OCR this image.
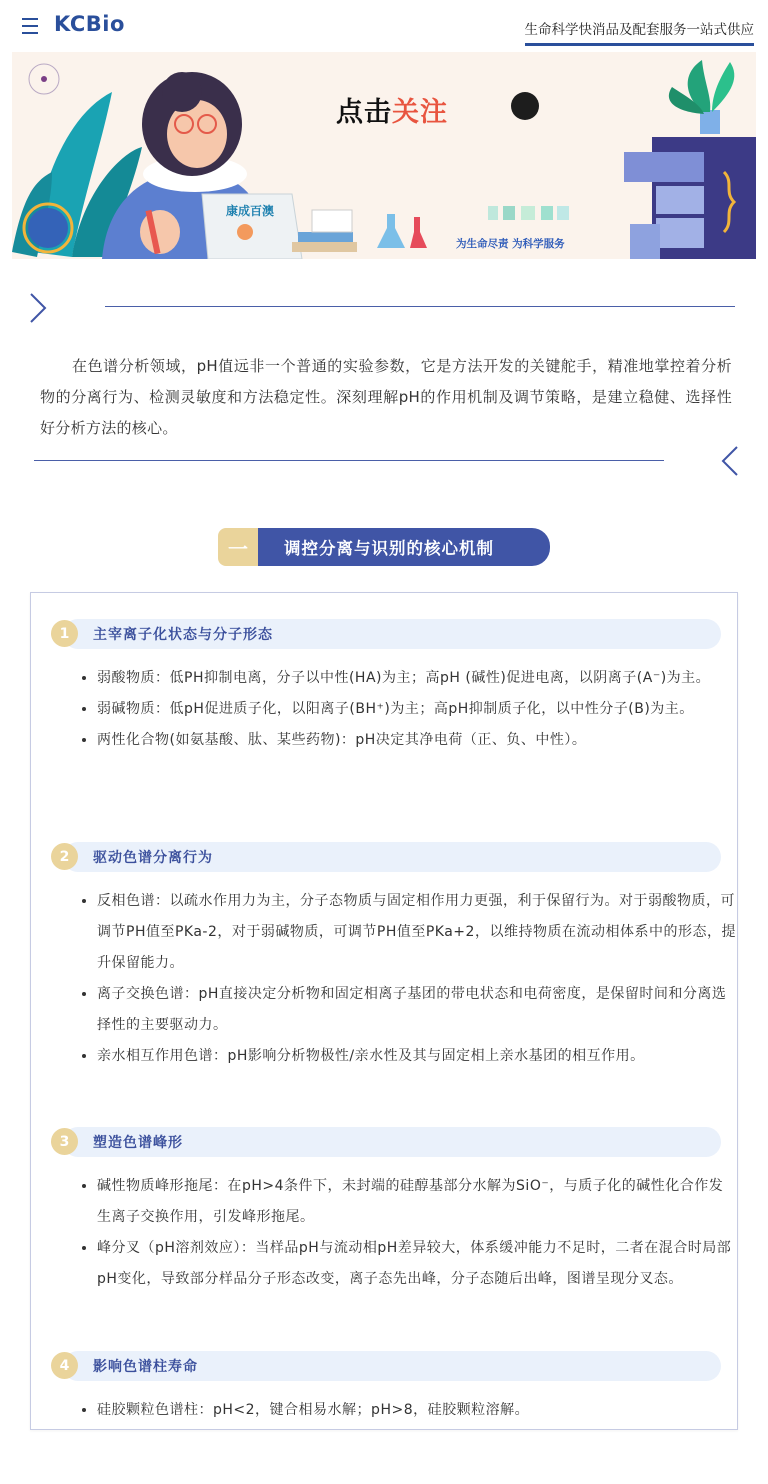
KCBio	生命科学快消品及配套服务一站式供应
点击关注
康成百澳
为生命尽责 为科学服务

在色谱分析领域，pH值远非一个普通的实验参数，它是方法开发的关键舵手，精准地掌控着分析物的分离行为、检测灵敏度和方法稳定性。深刻理解pH的作用机制及调节策略，是建立稳健、选择性好分析方法的核心。

一	调控分离与识别的核心机制
1	主宰离子化状态与分子形态
• 弱酸物质：低PH抑制电离，分子以中性(HA)为主；高pH (碱性)促进电离，以阴离子(A⁻)为主。
• 弱碱物质：低pH促进质子化，以阳离子(BH⁺)为主；高pH抑制质子化，以中性分子(B)为主。
• 两性化合物(如氨基酸、肽、某些药物)：pH决定其净电荷（正、负、中性）。
2	驱动色谱分离行为
• 反相色谱：以疏水作用力为主，分子态物质与固定相作用力更强，利于保留行为。对于弱酸物质，可调节PH值至PKa-2，对于弱碱物质，可调节PH值至PKa+2，以维持物质在流动相体系中的形态，提升保留能力。
• 离子交换色谱：pH直接决定分析物和固定相离子基团的带电状态和电荷密度，是保留时间和分离选择性的主要驱动力。
• 亲水相互作用色谱：pH影响分析物极性/亲水性及其与固定相上亲水基团的相互作用。
3	塑造色谱峰形
• 碱性物质峰形拖尾：在pH>4条件下，未封端的硅醇基部分水解为SiO⁻，与质子化的碱性化合作发生离子交换作用，引发峰形拖尾。
• 峰分叉（pH溶剂效应）：当样品pH与流动相pH差异较大，体系缓冲能力不足时，二者在混合时局部pH变化，导致部分样品分子形态改变，离子态先出峰，分子态随后出峰，图谱呈现分叉态。
4	影响色谱柱寿命
• 硅胶颗粒色谱柱：pH<2，键合相易水解；pH>8，硅胶颗粒溶解。
